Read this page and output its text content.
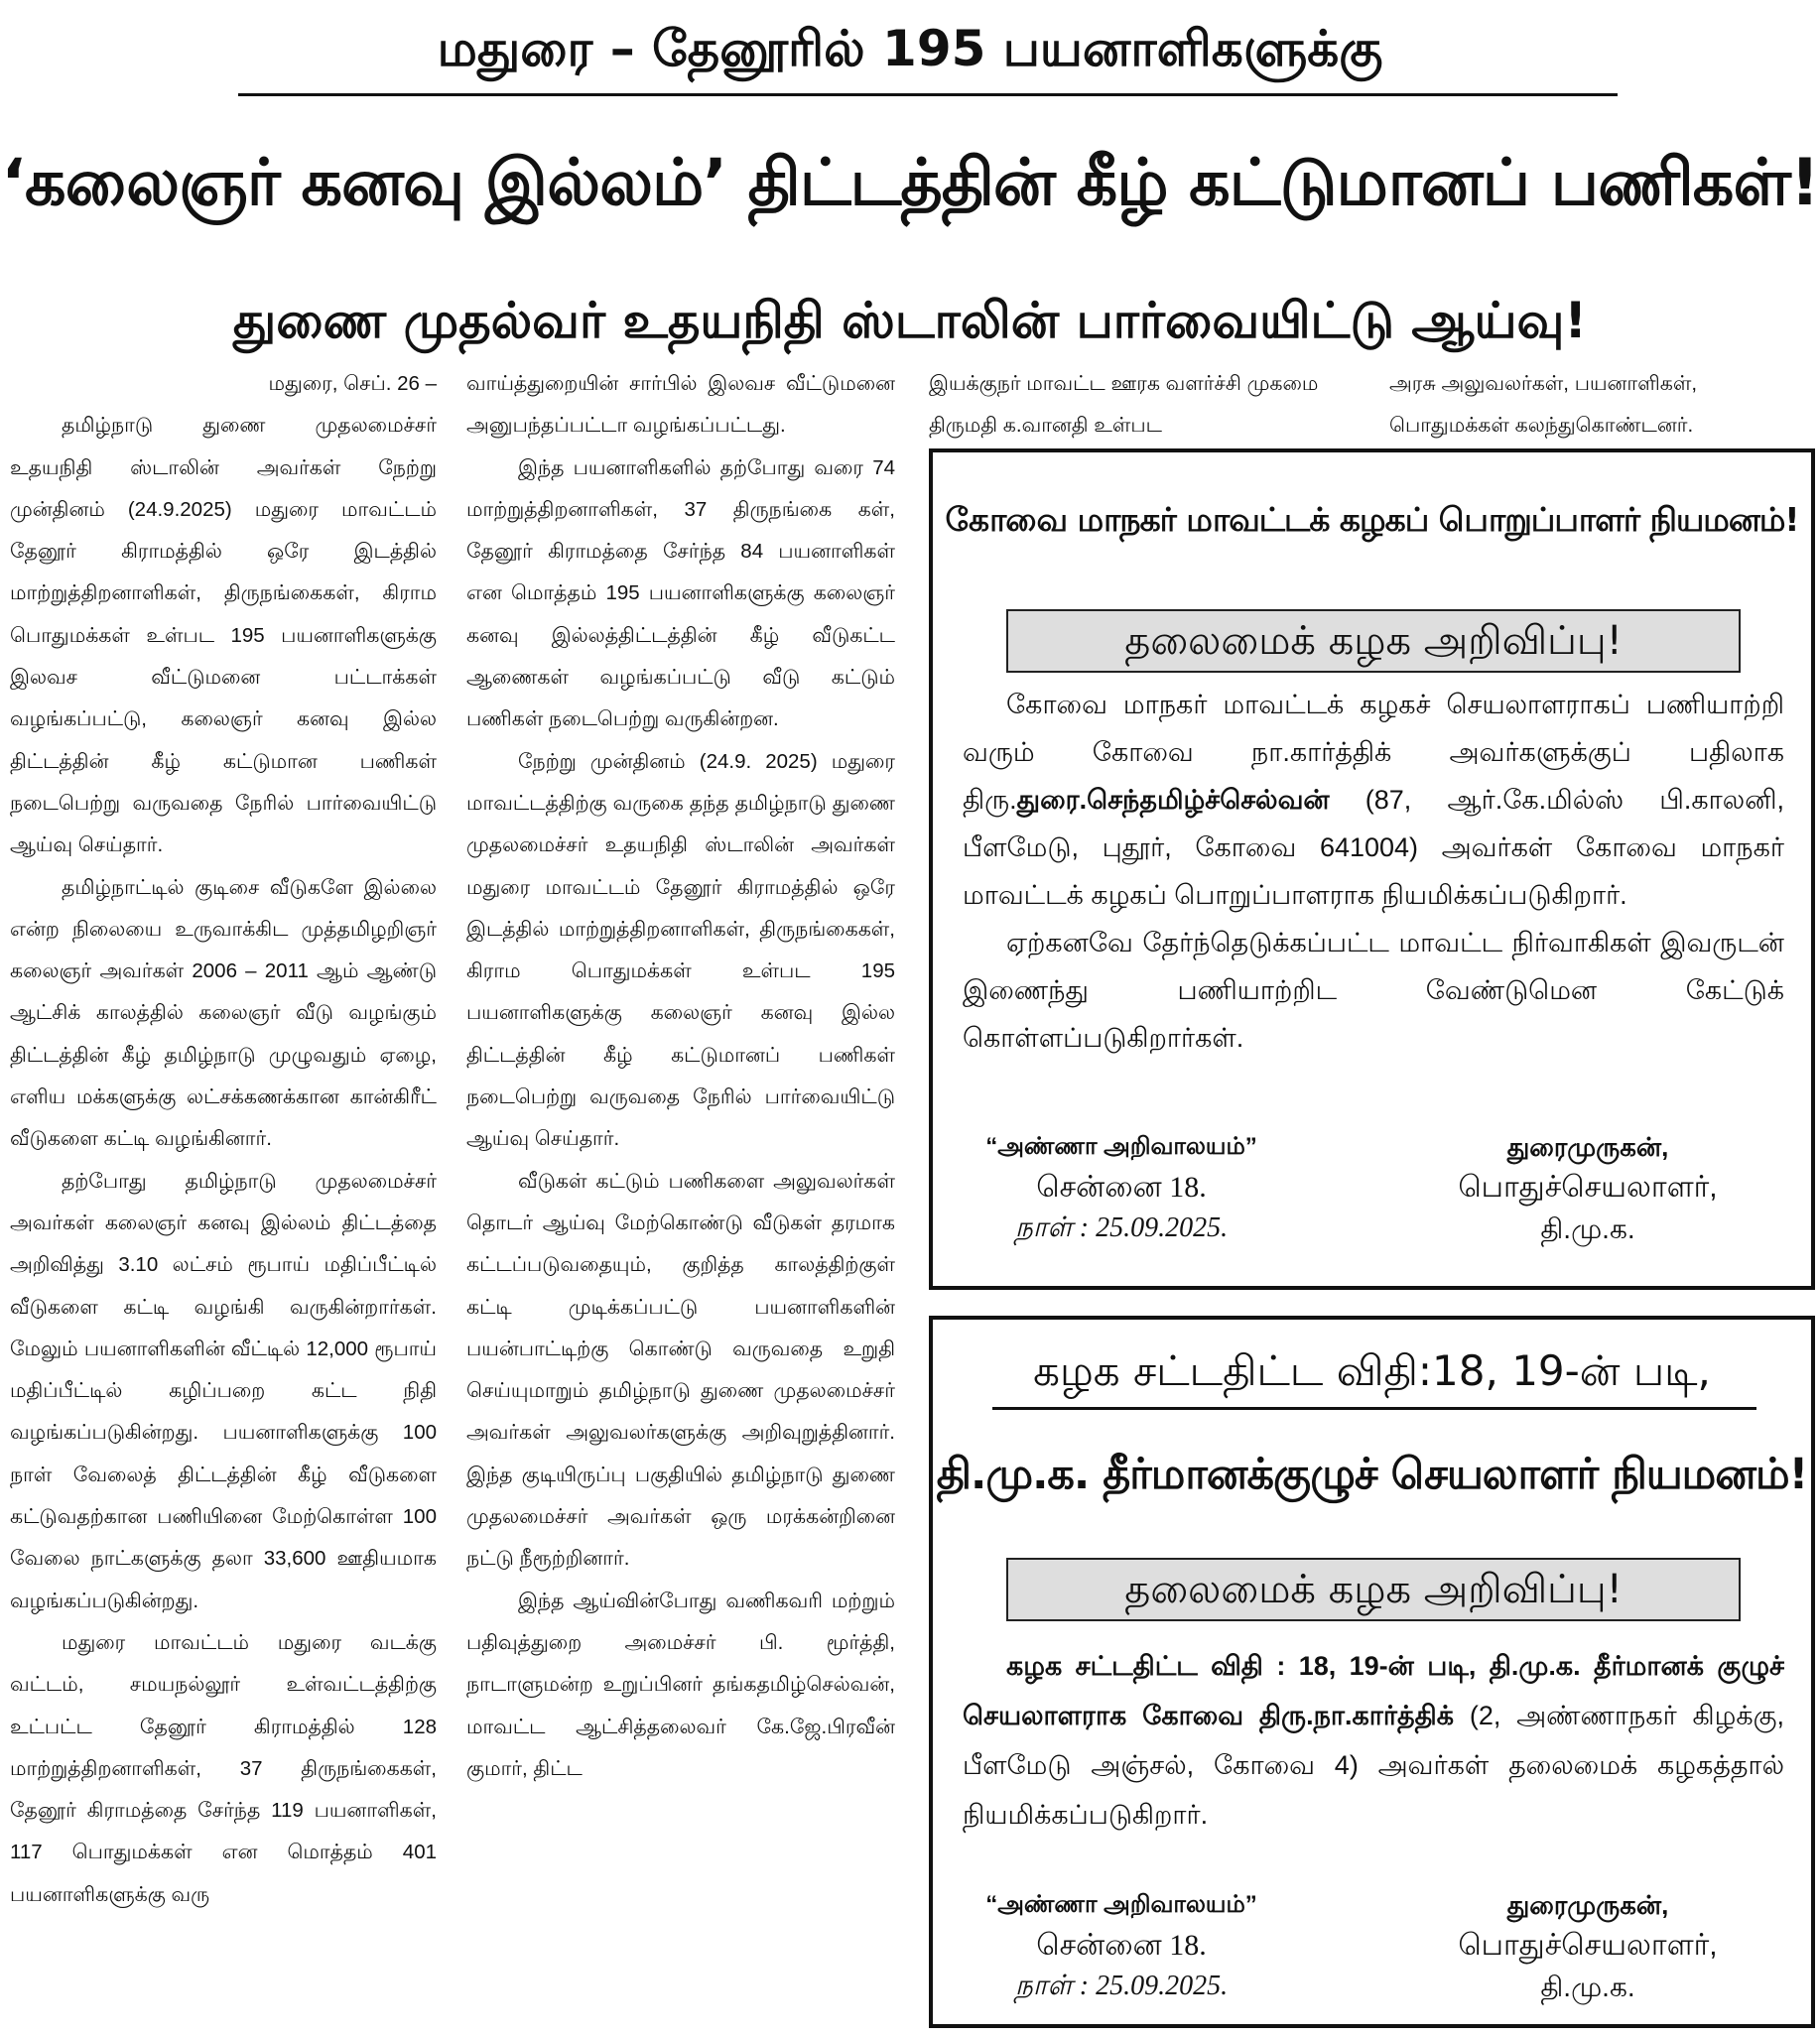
மதுரை – தேனூரில் 195 பயனாளிகளுக்கு
‘கலைஞர் கனவு இல்லம்’ திட்டத்தின் கீழ் கட்டுமானப் பணிகள்!
துணை முதல்வர் உதயநிதி ஸ்டாலின் பார்வையிட்டு ஆய்வு!

மதுரை, செப். 26 –

தமிழ்நாடு துணை முதலமைச்சர் உதயநிதி ஸ்டாலின் அவர்கள் நேற்று முன்தினம் (24.9.2025) மதுரை மாவட்டம் தேனூர் கிராமத்தில் ஒரே இடத்தில் மாற்றுத்திறனாளிகள், திருநங்கைகள், கிராம பொதுமக்கள் உள்பட 195 பயனாளிகளுக்கு இலவச வீட்டுமனை பட்டாக்கள் வழங்கப்பட்டு, கலைஞர் கனவு இல்ல திட்டத்தின் கீழ் கட்டுமான பணிகள் நடைபெற்று வருவதை நேரில் பார்வையிட்டு ஆய்வு செய்தார்.

தமிழ்நாட்டில் குடிசை வீடுகளே இல்லை என்ற நிலையை உருவாக்கிட முத்தமிழறிஞர் கலைஞர் அவர்கள் 2006 – 2011 ஆம் ஆண்டு ஆட்சிக் காலத்தில் கலைஞர் வீடு வழங்கும் திட்டத்தின் கீழ் தமிழ்நாடு முழுவதும் ஏழை, எளிய மக்களுக்கு லட்சக்கணக்கான கான்கிரீட் வீடுகளை கட்டி வழங்கினார்.

தற்போது தமிழ்நாடு முதலமைச்சர் அவர்கள் கலைஞர் கனவு இல்லம் திட்டத்தை அறிவித்து 3.10 லட்சம் ரூபாய் மதிப்பீட்டில் வீடுகளை கட்டி வழங்கி வருகின்றார்கள். மேலும் பயனாளிகளின் வீட்டில் 12,000 ரூபாய் மதிப்பீட்டில் கழிப்பறை கட்ட நிதி வழங்கப்படுகின்றது. பயனாளிகளுக்கு 100 நாள் வேலைத் திட்டத்தின் கீழ் வீடுகளை கட்டுவதற்கான பணியினை மேற்கொள்ள 100 வேலை நாட்களுக்கு தலா 33,600 ஊதியமாக வழங்கப்படுகின்றது.

மதுரை மாவட்டம் மதுரை வடக்கு வட்டம், சமயநல்லூர் உள்வட்டத்திற்கு உட்பட்ட தேனூர் கிராமத்தில் 128 மாற்றுத்திறனாளிகள், 37 திருநங்கைகள், தேனூர் கிராமத்தை சேர்ந்த 119 பயனாளிகள், 117 பொதுமக்கள் என மொத்தம் 401 பயனாளிகளுக்கு வரு

வாய்த்துறையின் சார்பில் இலவச வீட்டுமனை அனுபந்தப்பட்டா வழங்கப்பட்டது.

இந்த பயனாளிகளில் தற்போது வரை 74 மாற்றுத்திறனாளிகள், 37 திருநங்கை கள், தேனூர் கிராமத்தை சேர்ந்த 84 பயனாளிகள் என மொத்தம் 195 பயனாளிகளுக்கு கலைஞர் கனவு இல்லத்திட்டத்தின் கீழ் வீடுகட்ட ஆணைகள் வழங்கப்பட்டு வீடு கட்டும் பணிகள் நடைபெற்று வருகின்றன.

நேற்று முன்தினம் (24.9. 2025) மதுரை மாவட்டத்திற்கு வருகை தந்த தமிழ்நாடு துணை முதலமைச்சர் உதயநிதி ஸ்டாலின் அவர்கள் மதுரை மாவட்டம் தேனூர் கிராமத்தில் ஒரே இடத்தில் மாற்றுத்திறனாளிகள், திருநங்கைகள், கிராம பொதுமக்கள் உள்பட 195 பயனாளிகளுக்கு கலைஞர் கனவு இல்ல திட்டத்தின் கீழ் கட்டுமானப் பணிகள் நடைபெற்று வருவதை நேரில் பார்வையிட்டு ஆய்வு செய்தார்.

வீடுகள் கட்டும் பணிகளை அலுவலர்கள் தொடர் ஆய்வு மேற்கொண்டு வீடுகள் தரமாக கட்டப்படுவதையும், குறித்த காலத்திற்குள் கட்டி முடிக்கப்பட்டு பயனாளிகளின் பயன்பாட்டிற்கு கொண்டு வருவதை உறுதி செய்யுமாறும் தமிழ்நாடு துணை முதலமைச்சர் அவர்கள் அலுவலர்களுக்கு அறிவுறுத்தினார். இந்த குடியிருப்பு பகுதியில் தமிழ்நாடு துணை முதலமைச்சர் அவர்கள் ஒரு மரக்கன்றினை நட்டு நீரூற்றினார்.

இந்த ஆய்வின்போது வணிகவரி மற்றும் பதிவுத்துறை அமைச்சர் பி. மூர்த்தி, நாடாளுமன்ற உறுப்பினர் தங்கதமிழ்செல்வன், மாவட்ட ஆட்சித்தலைவர் கே.ஜே.பிரவீன் குமார், திட்ட

இயக்குநர் மாவட்ட ஊரக வளர்ச்சி முகமை திருமதி க.வானதி உள்பட
அரசு அலுவலர்கள், பயனாளிகள், பொதுமக்கள் கலந்துகொண்டனர்.
கோவை மாநகர் மாவட்டக் கழகப் பொறுப்பாளர் நியமனம்!
தலைமைக் கழக அறிவிப்பு!

கோவை மாநகர் மாவட்டக் கழகச் செயலாளராகப் பணியாற்றி வரும் கோவை நா.கார்த்திக் அவர்களுக்குப் பதிலாக திரு.துரை.செந்தமிழ்ச்செல்வன் (87, ஆர்.கே.மில்ஸ் பி.காலனி, பீளமேடு, புதூர், கோவை 641004) அவர்கள் கோவை மாநகர் மாவட்டக் கழகப் பொறுப்பாளராக நியமிக்கப்படுகிறார்.

ஏற்கனவே தேர்ந்தெடுக்கப்பட்ட மாவட்ட நிர்வாகிகள் இவருடன் இணைந்து பணியாற்றிட வேண்டுமென கேட்டுக் கொள்ளப்படுகிறார்கள்.

“அண்ணா அறிவாலயம்”
சென்னை 18.
நாள் : 25.09.2025.
துரைமுருகன்,
பொதுச்செயலாளர்,
தி.மு.க.
கழக சட்டதிட்ட விதி:18, 19-ன் படி,
தி.மு.க. தீர்மானக்குழுச் செயலாளர் நியமனம்!
தலைமைக் கழக அறிவிப்பு!

கழக சட்டதிட்ட விதி : 18, 19-ன் படி, தி.மு.க. தீர்மானக் குழுச் செயலாளராக கோவை திரு.நா.கார்த்திக் (2, அண்ணாநகர் கிழக்கு, பீளமேடு அஞ்சல், கோவை 4) அவர்கள் தலைமைக் கழகத்தால் நியமிக்கப்படுகிறார்.

“அண்ணா அறிவாலயம்”
சென்னை 18.
நாள் : 25.09.2025.
துரைமுருகன்,
பொதுச்செயலாளர்,
தி.மு.க.
